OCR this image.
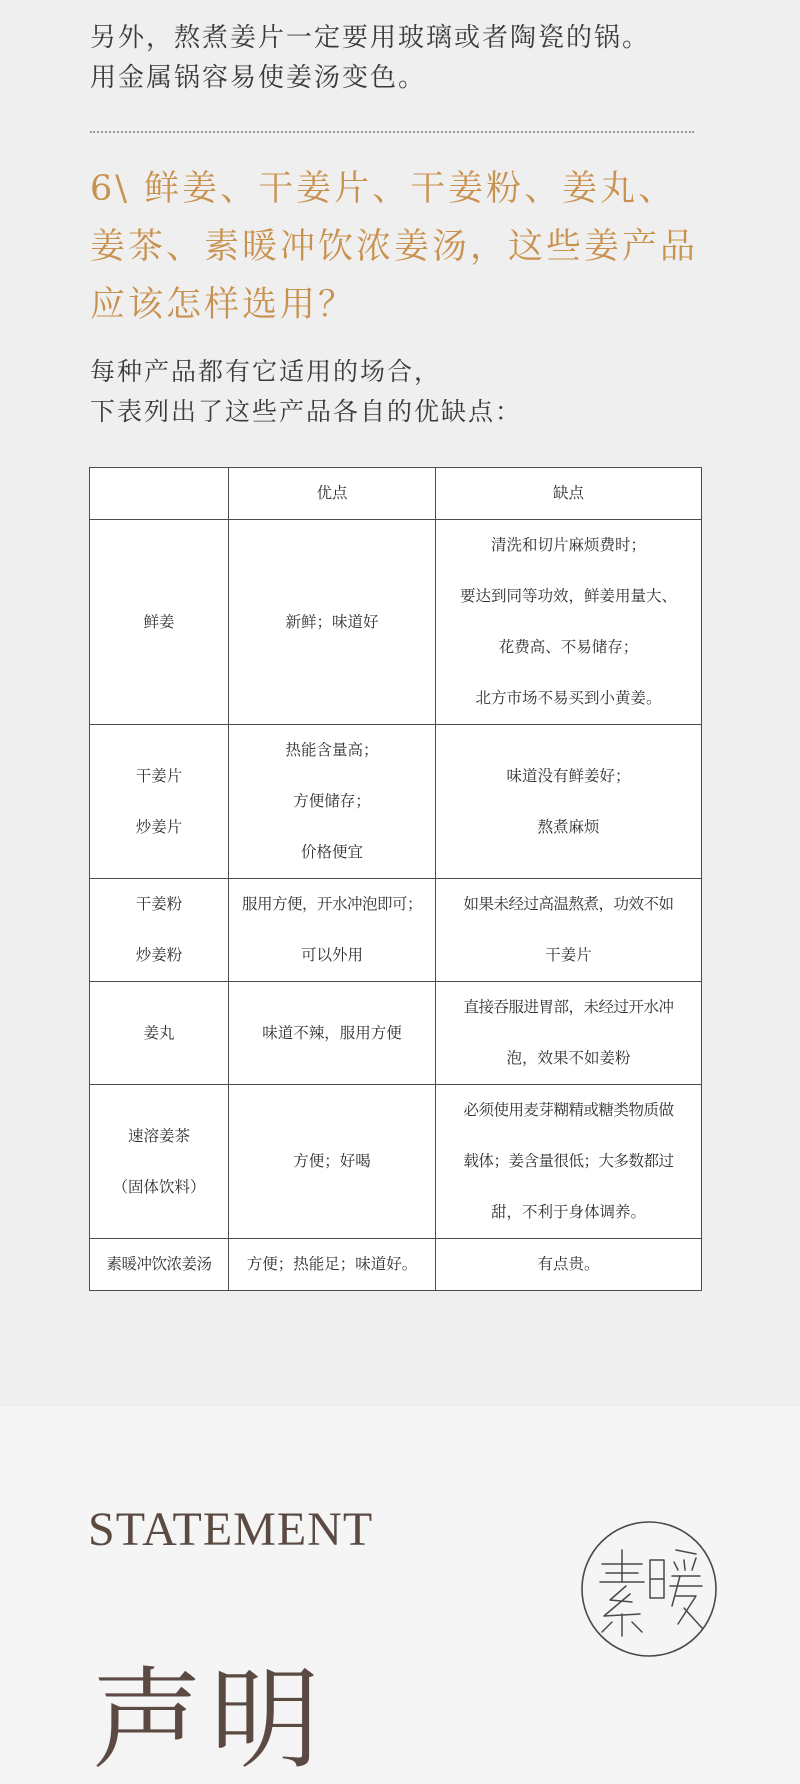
另外，熬煮姜片一定要用玻璃或者陶瓷的锅。

用金属锅容易使姜汤变色。

6\ 鲜姜、干姜片、干姜粉、姜丸、

姜茶、素暖冲饮浓姜汤，这些姜产品

应该怎样选用？

每种产品都有它适用的场合，

下表列出了这些产品各自的优缺点：

	优点	缺点

鲜姜	新鲜；味道好	清洗和切片麻烦费时；
要达到同等功效，鲜姜用量大、
花费高、不易储存；
北方市场不易买到小黄姜。

干姜片
炒姜片	热能含量高；
方便储存；
价格便宜	味道没有鲜姜好；
熬煮麻烦

干姜粉
炒姜粉	服用方便，开水冲泡即可；
可以外用	如果未经过高温熬煮，功效不如
干姜片

姜丸	味道不辣，服用方便	直接吞服进胃部，未经过开水冲
泡，效果不如姜粉

速溶姜茶
（固体饮料）	方便；好喝	必须使用麦芽糊精或糖类物质做
载体；姜含量很低；大多数都过
甜，不利于身体调养。

素暖冲饮浓姜汤	方便；热能足；味道好。	有点贵。
STATEMENT
声明
